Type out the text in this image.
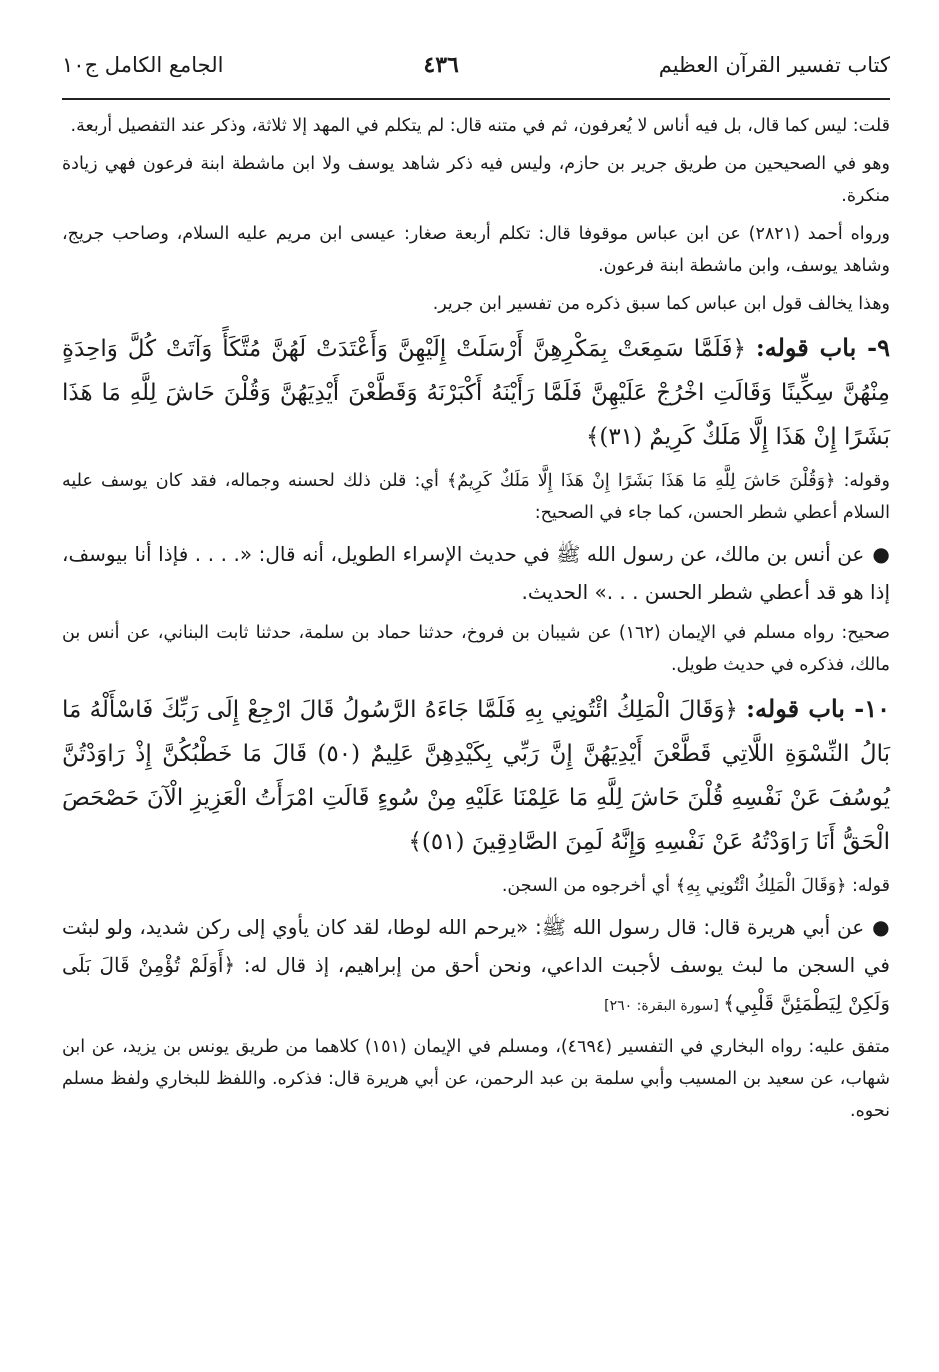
كتاب تفسير القرآن العظيم
٤٣٦
الجامع الكامل ج١٠

قلت: ليس كما قال، بل فيه أناس لا يُعرفون، ثم في متنه قال: لم يتكلم في المهد إلا ثلاثة، وذكر عند التفصيل أربعة.

وهو في الصحيحين من طريق جرير بن حازم، وليس فيه ذكر شاهد يوسف ولا ابن ماشطة ابنة فرعون فهي زيادة منكرة.

ورواه أحمد (٢٨٢١) عن ابن عباس موقوفا قال: تكلم أربعة صغار: عيسى ابن مريم عليه السلام، وصاحب جريج، وشاهد يوسف، وابن ماشطة ابنة فرعون.

وهذا يخالف قول ابن عباس كما سبق ذكره من تفسير ابن جرير.

٩- باب قوله: ﴿فَلَمَّا سَمِعَتْ بِمَكْرِهِنَّ أَرْسَلَتْ إِلَيْهِنَّ وَأَعْتَدَتْ لَهُنَّ مُتَّكَأً وَآتَتْ كُلَّ وَاحِدَةٍ مِنْهُنَّ سِكِّينًا وَقَالَتِ اخْرُجْ عَلَيْهِنَّ فَلَمَّا رَأَيْنَهُ أَكْبَرْنَهُ وَقَطَّعْنَ أَيْدِيَهُنَّ وَقُلْنَ حَاشَ لِلَّهِ مَا هَذَا بَشَرًا إِنْ هَذَا إِلَّا مَلَكٌ كَرِيمٌ (٣١)﴾

وقوله: ﴿وَقُلْنَ حَاشَ لِلَّهِ مَا هَذَا بَشَرًا إِنْ هَذَا إِلَّا مَلَكٌ كَرِيمٌ﴾ أي: قلن ذلك لحسنه وجماله، فقد كان يوسف عليه السلام أعطي شطر الحسن، كما جاء في الصحيح:

●عن أنس بن مالك، عن رسول الله ﷺ في حديث الإسراء الطويل، أنه قال: «. . . . فإذا أنا بيوسف، إذا هو قد أعطي شطر الحسن . . .» الحديث.

صحيح: رواه مسلم في الإيمان (١٦٢) عن شيبان بن فروخ، حدثنا حماد بن سلمة، حدثنا ثابت البناني، عن أنس بن مالك، فذكره في حديث طويل.

١٠- باب قوله: ﴿وَقَالَ الْمَلِكُ ائْتُونِي بِهِ فَلَمَّا جَاءَهُ الرَّسُولُ قَالَ ارْجِعْ إِلَى رَبِّكَ فَاسْأَلْهُ مَا بَالُ النِّسْوَةِ اللَّاتِي قَطَّعْنَ أَيْدِيَهُنَّ إِنَّ رَبِّي بِكَيْدِهِنَّ عَلِيمٌ (٥٠) قَالَ مَا خَطْبُكُنَّ إِذْ رَاوَدْتُنَّ يُوسُفَ عَنْ نَفْسِهِ قُلْنَ حَاشَ لِلَّهِ مَا عَلِمْنَا عَلَيْهِ مِنْ سُوءٍ قَالَتِ امْرَأَتُ الْعَزِيزِ الْآنَ حَصْحَصَ الْحَقُّ أَنَا رَاوَدْتُهُ عَنْ نَفْسِهِ وَإِنَّهُ لَمِنَ الصَّادِقِينَ (٥١)﴾

قوله: ﴿وَقَالَ الْمَلِكُ ائْتُونِي بِهِ﴾ أي أخرجوه من السجن.

●عن أبي هريرة قال: قال رسول الله ﷺ: «يرحم الله لوطا، لقد كان يأوي إلى ركن شديد، ولو لبثت في السجن ما لبث يوسف لأجبت الداعي، ونحن أحق من إبراهيم، إذ قال له: ﴿أَوَلَمْ تُؤْمِنْ قَالَ بَلَى وَلَكِنْ لِيَطْمَئِنَّ قَلْبِي﴾ [سورة البقرة: ٢٦٠]

متفق عليه: رواه البخاري في التفسير (٤٦٩٤)، ومسلم في الإيمان (١٥١) كلاهما من طريق يونس بن يزيد، عن ابن شهاب، عن سعيد بن المسيب وأبي سلمة بن عبد الرحمن، عن أبي هريرة قال: فذكره. واللفظ للبخاري ولفظ مسلم نحوه.
